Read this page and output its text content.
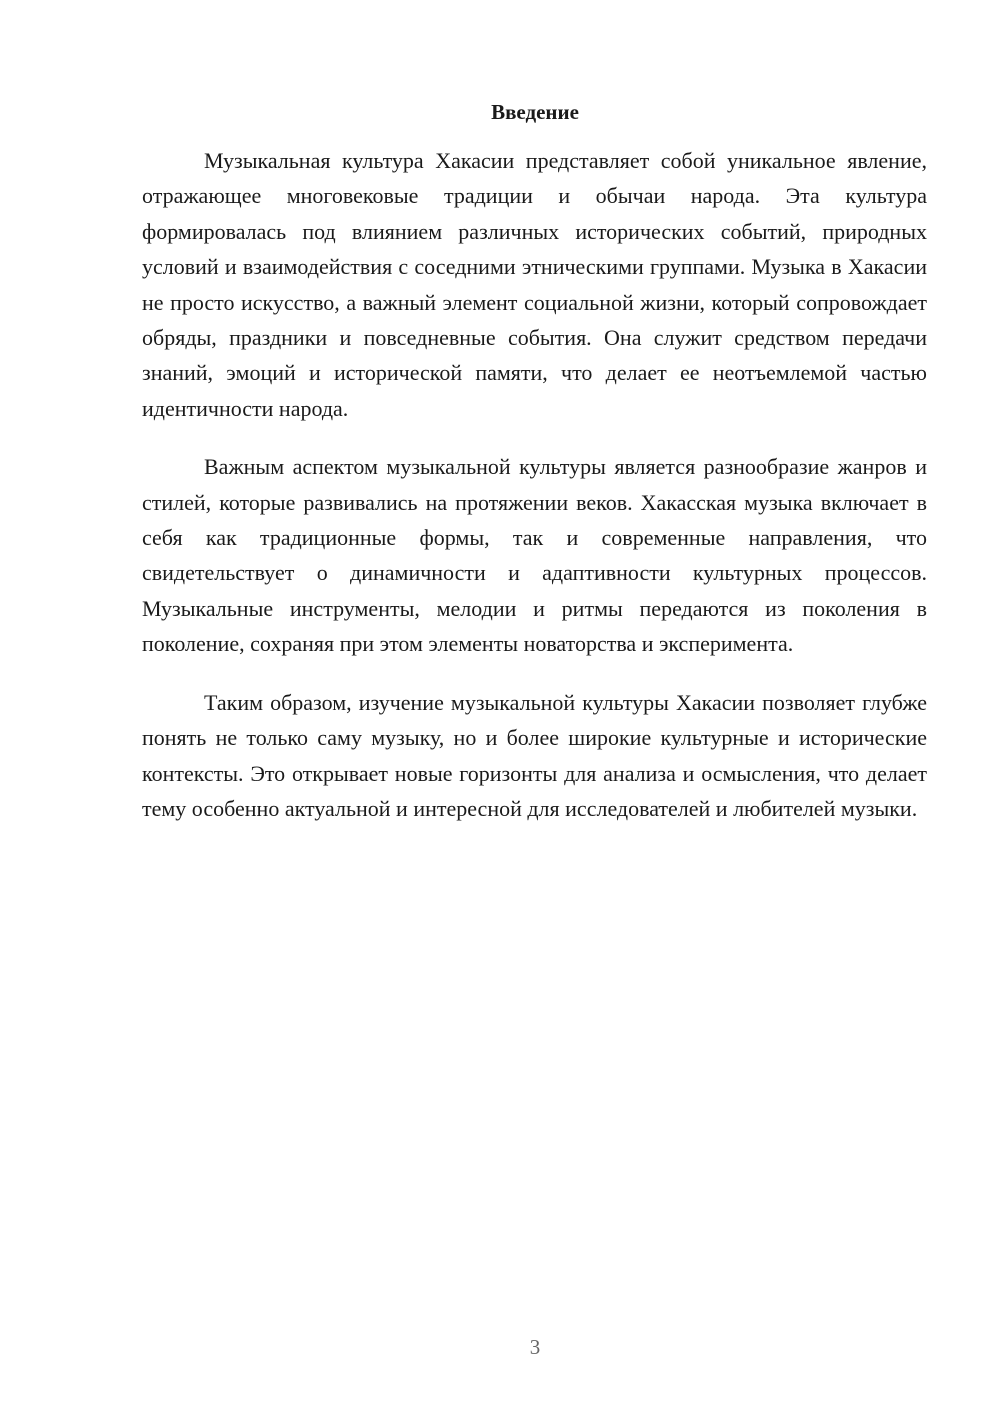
Введение

Музыкальная культура Хакасии представляет собой уникальное явление, отражающее многовековые традиции и обычаи народа. Эта культура формировалась под влиянием различных исторических событий, природных условий и взаимодействия с соседними этническими группами. Музыка в Хакасии не просто искусство, а важный элемент социальной жизни, который сопровождает обряды, праздники и повседневные события. Она служит средством передачи знаний, эмоций и исторической памяти, что делает ее неотъемлемой частью идентичности народа.

Важным аспектом музыкальной культуры является разнообразие жанров и стилей, которые развивались на протяжении веков. Хакасская музыка включает в себя как традиционные формы, так и современные направления, что свидетельствует о динамичности и адаптивности культурных процессов. Музыкальные инструменты, мелодии и ритмы передаются из поколения в поколение, сохраняя при этом элементы новаторства и эксперимента.

Таким образом, изучение музыкальной культуры Хакасии позволяет глубже понять не только саму музыку, но и более широкие культурные и исторические контексты. Это открывает новые горизонты для анализа и осмысления, что делает тему особенно актуальной и интересной для исследователей и любителей музыки.

3
